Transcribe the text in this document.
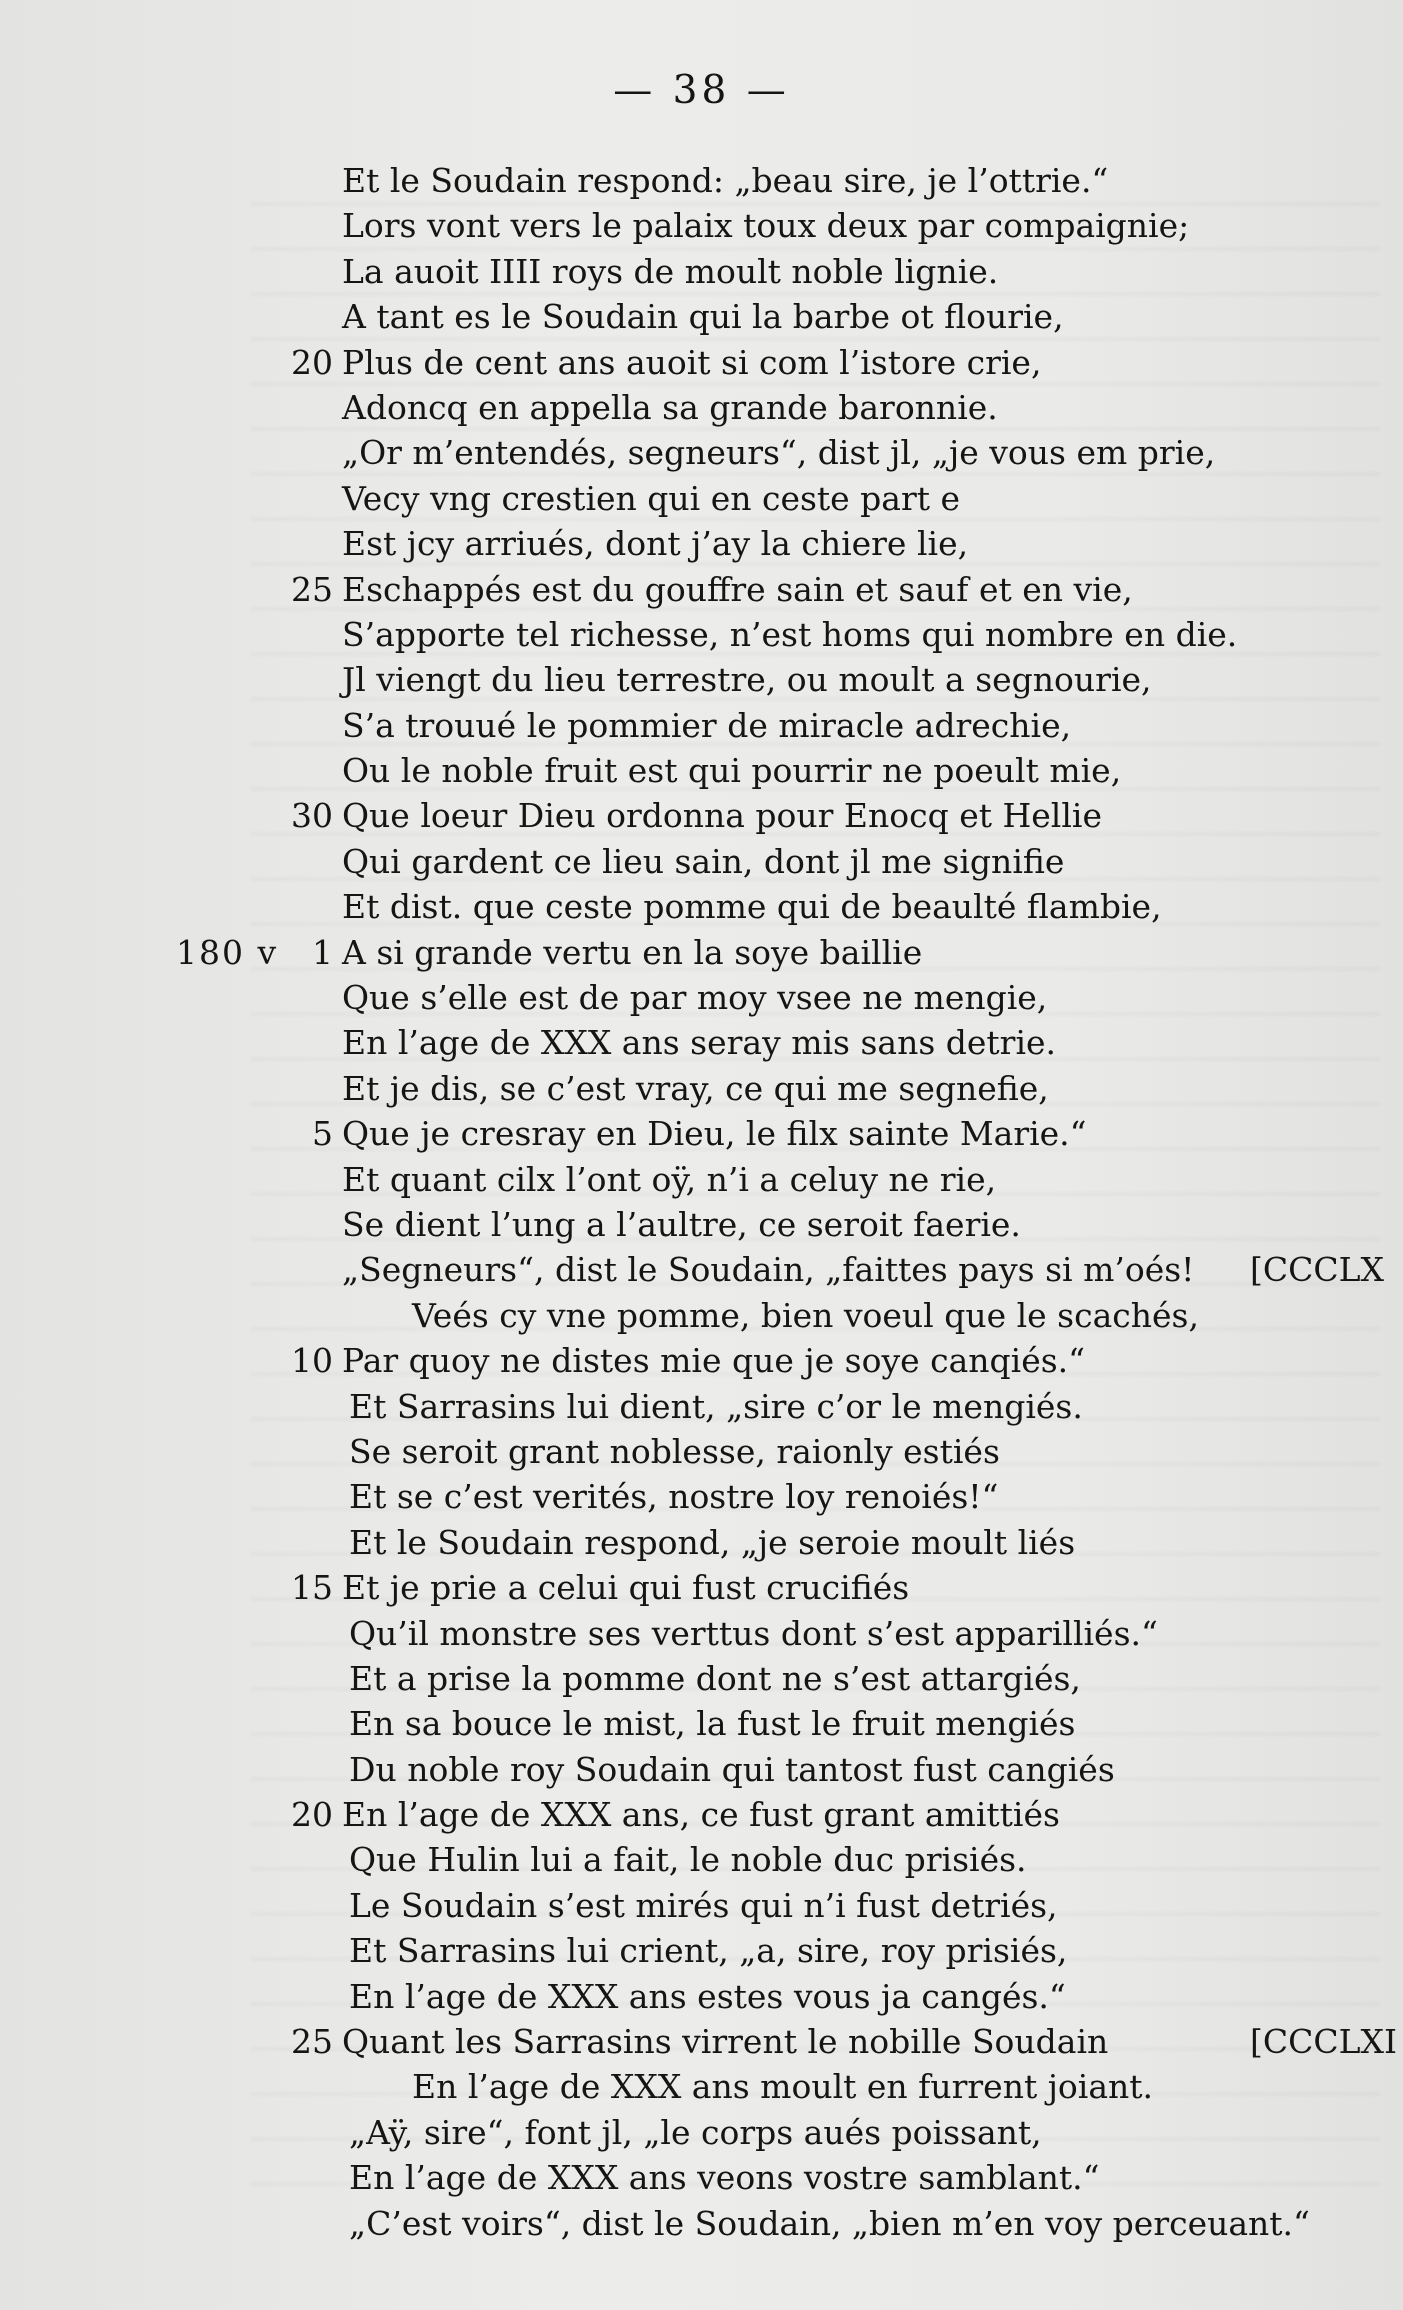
— 38 —
Et le Soudain respond: „beau sire, je l’ottrie.“
Lors vont vers le palaix toux deux par compaignie;
La auoit IIII roys de moult noble lignie.
A tant es le Soudain qui la barbe ot flourie,
20 Plus de cent ans auoit si com l’istore crie,
Adoncq en appella sa grande baronnie.
„Or m’entendés, segneurs“, dist jl, „je vous em prie,
Vecy vng crestien qui en ceste part e
Est jcy arriués, dont j’ay la chiere lie,
25 Eschappés est du gouffre sain et sauf et en vie,
S’apporte tel richesse, n’est homs qui nombre en die.
Jl viengt du lieu terrestre, ou moult a segnourie,
S’a trouué le pommier de miracle adrechie,
Ou le noble fruit est qui pourrir ne poeult mie,
30 Que loeur Dieu ordonna pour Enocq et Hellie
Qui gardent ce lieu sain, dont jl me signifie
Et dist. que ceste pomme qui de beaulté flambie,
180 v 1 A si grande vertu en la soye baillie
Que s’elle est de par moy vsee ne mengie,
En l’age de XXX ans seray mis sans detrie.
Et je dis, se c’est vray, ce qui me segnefie,
5 Que je cresray en Dieu, le filx sainte Marie.“
Et quant cilx l’ont oÿ, n’i a celuy ne rie,
Se dient l’ung a l’aultre, ce seroit faerie.
„Segneurs“, dist le Soudain, „faittes pays si m’oés! [CCCLX
Veés cy vne pomme, bien voeul que le scachés,
10 Par quoy ne distes mie que je soye canqiés.“
Et Sarrasins lui dient, „sire c’or le mengiés.
Se seroit grant noblesse, raionly estiés
Et se c’est verités, nostre loy renoiés!“
Et le Soudain respond, „je seroie moult liés
15 Et je prie a celui qui fust crucifiés
Qu’il monstre ses verttus dont s’est apparilliés.“
Et a prise la pomme dont ne s’est attargiés,
En sa bouce le mist, la fust le fruit mengiés
Du noble roy Soudain qui tantost fust cangiés
20 En l’age de XXX ans, ce fust grant amittiés
Que Hulin lui a fait, le noble duc prisiés.
Le Soudain s’est mirés qui n’i fust detriés,
Et Sarrasins lui crient, „a, sire, roy prisiés,
En l’age de XXX ans estes vous ja cangés.“
25 Quant les Sarrasins virrent le nobille Soudain	[CCCLXI
En l’age de XXX ans moult en furrent joiant.
„Aÿ, sire“, font jl, „le corps aués poissant,
En l’age de XXX ans veons vostre samblant.“
„C’est voirs“, dist le Soudain, „bien m’en voy perceuant.“
